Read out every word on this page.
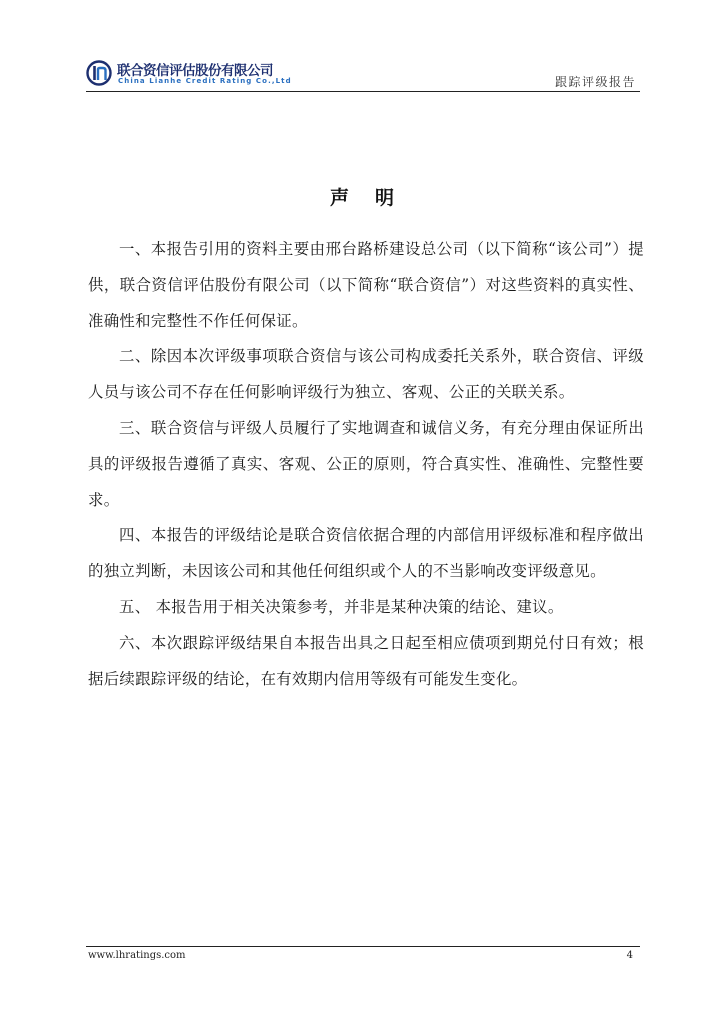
联合资信评估股份有限公司
China Lianhe Credit Rating Co.,Ltd	跟踪评级报告
声明

一、本报告引用的资料主要由邢台路桥建设总公司（以下简称“该公司”）提供，联合资信评估股份有限公司（以下简称“联合资信”）对这些资料的真实性、准确性和完整性不作任何保证。

二、除因本次评级事项联合资信与该公司构成委托关系外，联合资信、评级人员与该公司不存在任何影响评级行为独立、客观、公正的关联关系。

三、联合资信与评级人员履行了实地调查和诚信义务，有充分理由保证所出具的评级报告遵循了真实、客观、公正的原则，符合真实性、准确性、完整性要求。

四、本报告的评级结论是联合资信依据合理的内部信用评级标准和程序做出的独立判断，未因该公司和其他任何组织或个人的不当影响改变评级意见。

五、 本报告用于相关决策参考，并非是某种决策的结论、建议。

六、本次跟踪评级结果自本报告出具之日起至相应债项到期兑付日有效；根据后续跟踪评级的结论，在有效期内信用等级有可能发生变化。

www.lhratings.com	4
